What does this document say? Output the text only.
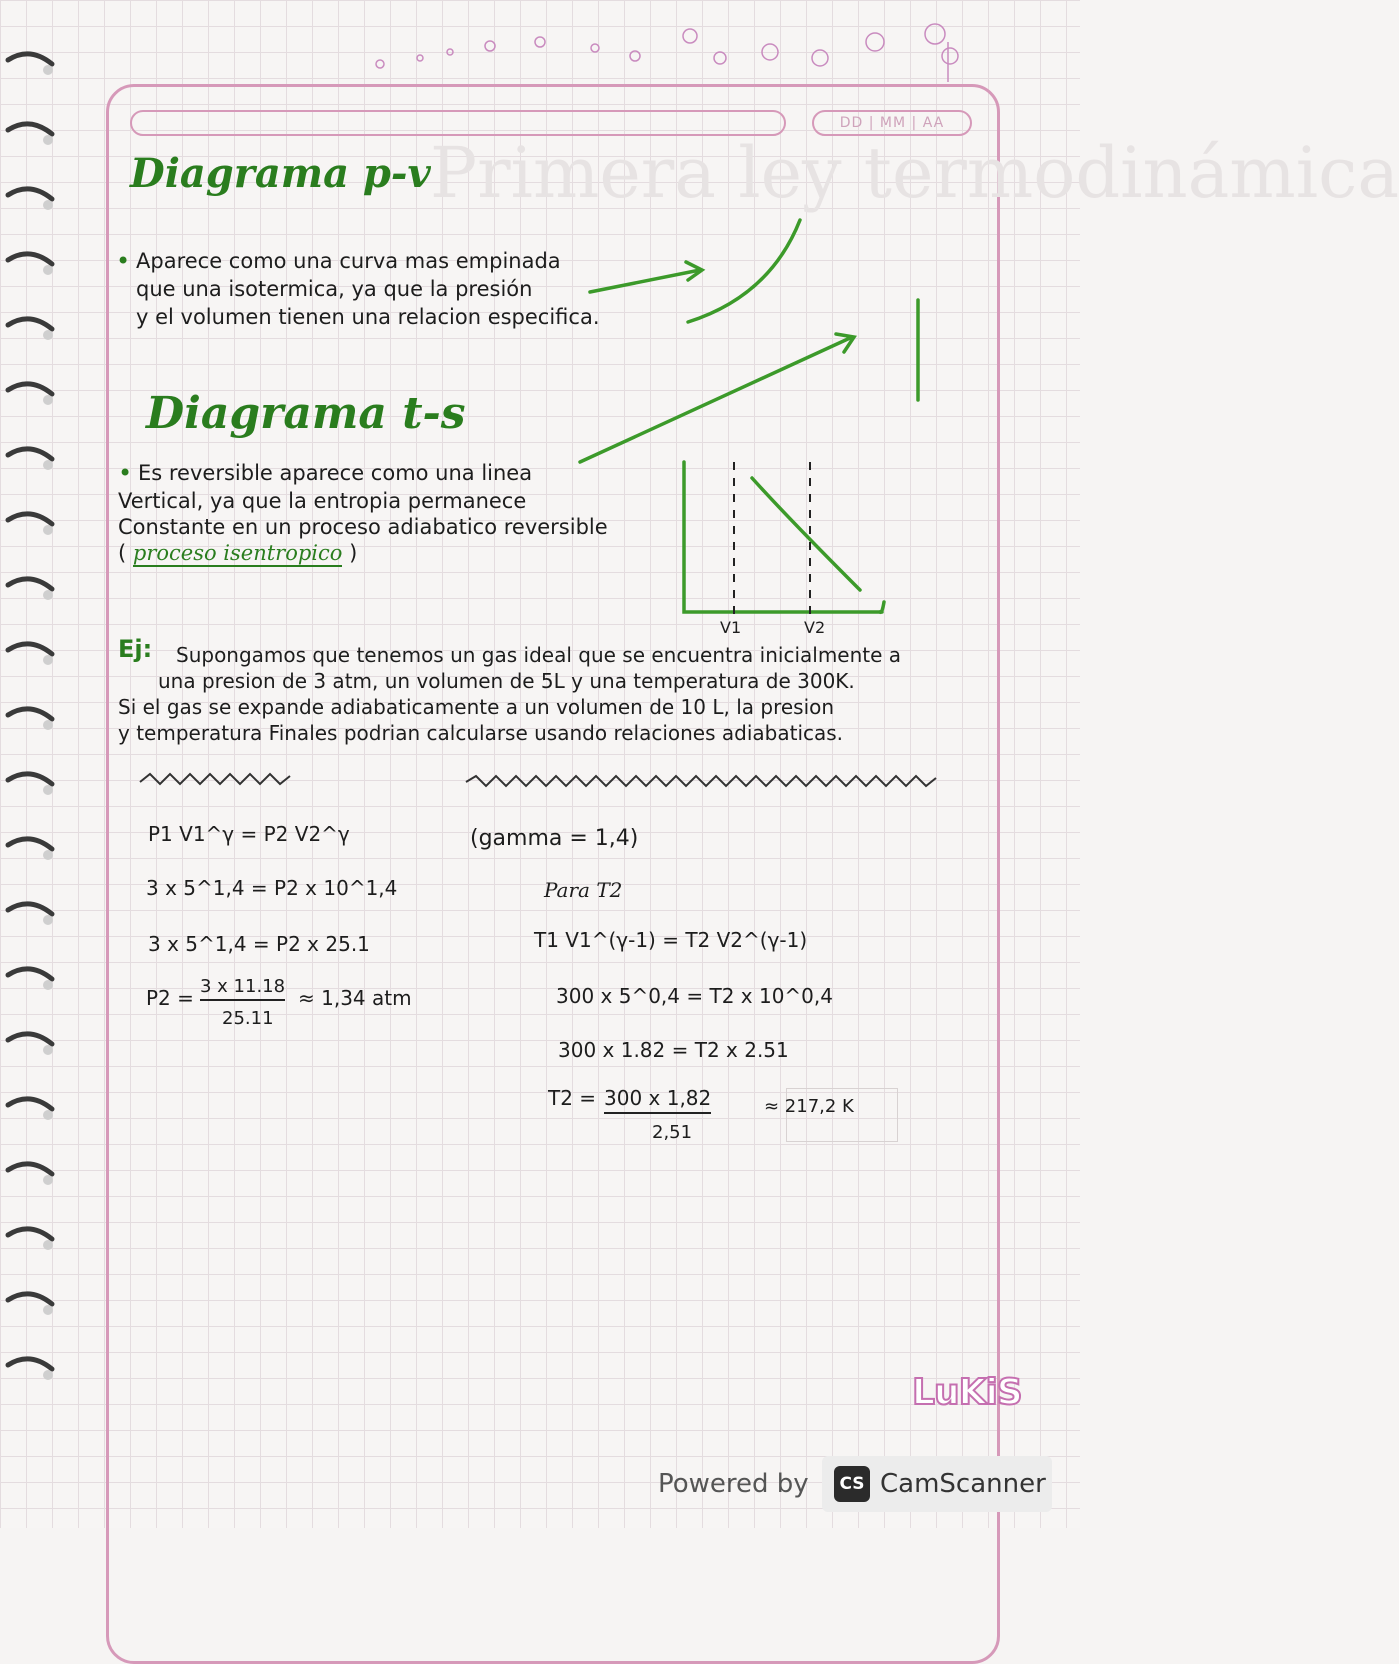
DD | MM | AA
Primera ley termodinámica
Diagrama p-v
• Aparece como una curva mas empinada
que una isotermica, ya que la presión
y el volumen tienen una relacion especifica.
Diagrama t-s
• Es reversible aparece como una linea
Vertical, ya que la entropia permanece
Constante en un proceso adiabatico reversible
( proceso isentropico )
V1	V2
Ej: Supongamos que tenemos un gas ideal que se encuentra inicialmente a
una presion de 3 atm, un volumen de 5L y una temperatura de 300K.
Si el gas se expande adiabaticamente a un volumen de 10 L, la presion
y temperatura Finales podrian calcularse usando relaciones adiabaticas.
P1 V1^γ = P2 V2^γ
3 x 5^1,4 = P2 x 10^1,4
3 x 5^1,4 = P2 x 25.1
P2 = 3 x 11.18
25.11
≈ 1,34 atm
(gamma = 1,4)
Para T2
T1 V1^(γ-1) = T2 V2^(γ-1)
300 x 5^0,4 = T2 x 10^0,4
300 x 1.82 = T2 x 2.51
T2 = 300 x 1,82
2,51
≈ 217,2 K
LuKiS
Powered by	CS CamScanner
